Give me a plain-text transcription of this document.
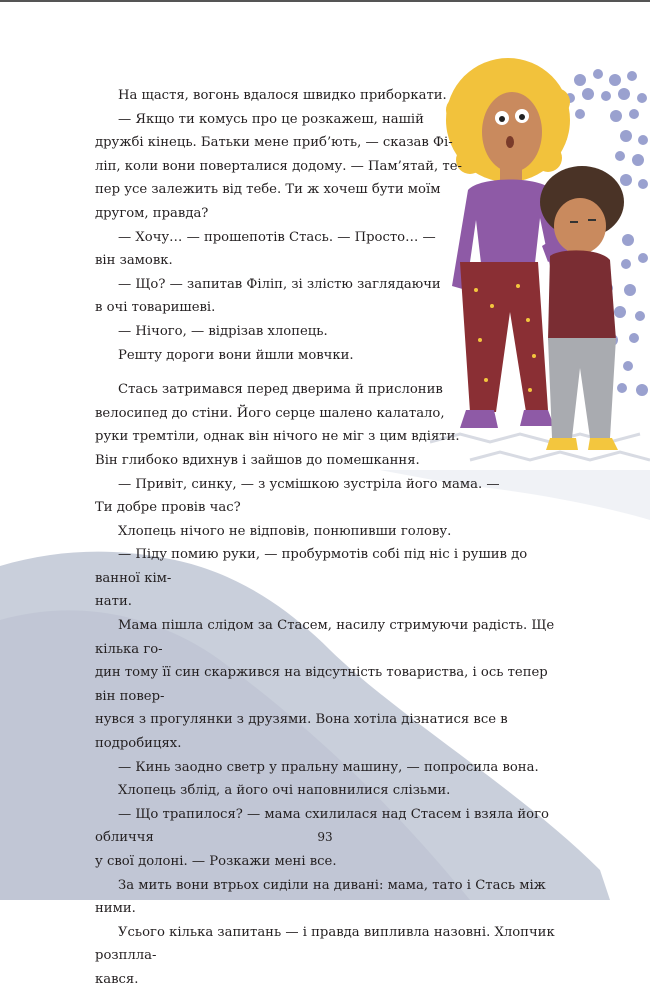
На щастя, вогонь вдалося швидко приборкати.

— Якщо ти комусь про це розкажеш, нашій

дружбі кінець. Батьки мене приб’ють, — сказав Фі-

ліп, коли вони поверталися додому. — Пам’ятай, те-

пер усе залежить від тебе. Ти ж хочеш бути моїм

другом, правда?

— Хочу… — прошепотів Стась. — Просто… —

він замовк.

— Що? — запитав Філіп, зі злістю заглядаючи

в очі товаришеві.

— Нічого, — відрізав хлопець.

Решту дороги вони йшли мовчки.

Стась затримався перед дверима й прислонив

велосипед до стіни. Його серце шалено калатало,

руки тремтіли, однак він нічого не міг з цим вдіяти.

Він глибоко вдихнув і зайшов до помешкання.

— Привіт, синку, — з усмішкою зустріла його мама. —

Ти добре провів час?

Хлопець нічого не відповів, понюпивши голову.

— Піду помию руки, — пробурмотів собі під ніс і рушив до ванної кім-

нати.

Мама пішла слідом за Стасем, насилу стримуючи радість. Ще кілька го-

дин тому її син скаржився на відсутність товариства, і ось тепер він повер-

нувся з прогулянки з друзями. Вона хотіла дізнатися все в подробицях.

— Кинь заодно светр у пральну машину, — попросила вона.

Хлопець зблід, а його очі наповнилися слізьми.

— Що трапилося? — мама схилилася над Стасем і взяла його обличчя

у свої долоні. — Розкажи мені все.

За мить вони втрьох сиділи на дивані: мама, тато і Стась між ними.

Усього кілька запитань — і правда випливла назовні. Хлопчик розплла-

кався.

93
